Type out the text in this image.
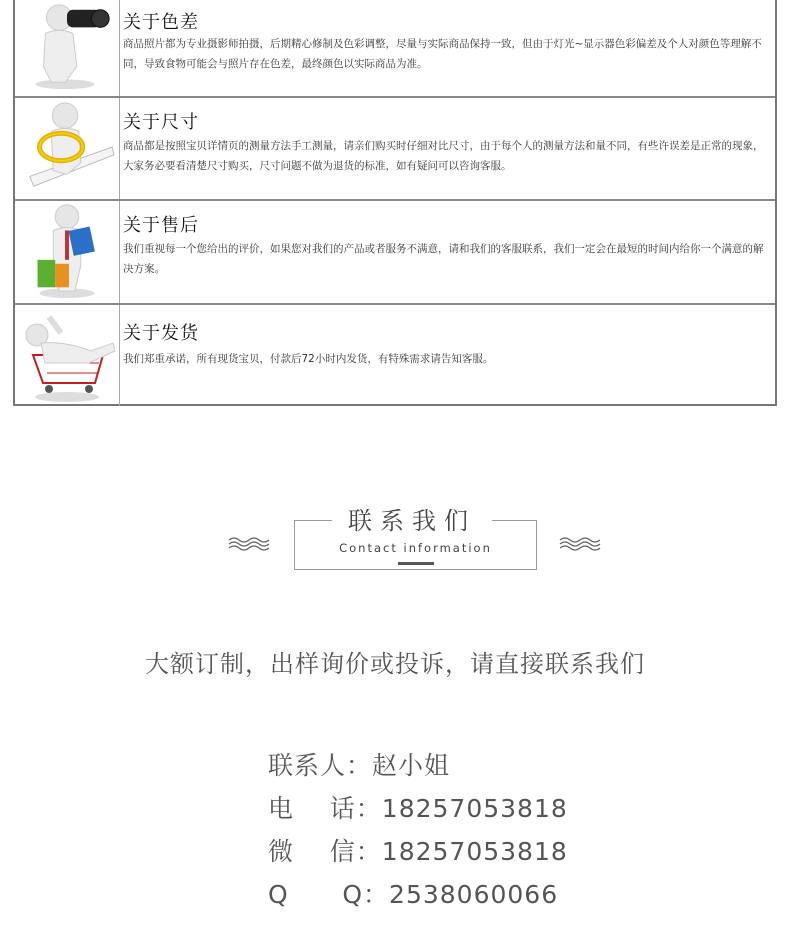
关于色差
商品照片都为专业摄影师拍摄，后期精心修制及色彩调整，尽量与实际商品保持一致，但由于灯光~显示器色彩偏差及个人对颜色等理解不同，导致食物可能会与照片存在色差，最终颜色以实际商品为准。
关于尺寸
商品都是按照宝贝详情页的测量方法手工测量，请亲们购买时仔细对比尺寸，由于每个人的测量方法和量不同，有些许误差是正常的现象，大家务必要看清楚尺寸购买，尺寸问题不做为退货的标准，如有疑问可以咨询客服。
关于售后
我们重视每一个您给出的评价，如果您对我们的产品或者服务不满意，请和我们的客服联系，我们一定会在最短的时间内给你一个满意的解决方案。
关于发货
我们郑重承诺，所有现货宝贝，付款后72小时内发货，有特殊需求请告知客服。
联系我们
Contact information
大额订制，出样询价或投诉，请直接联系我们
联系人：赵小姐
电    话：18257053818
微    信：18257053818
Q      Q：2538060066
